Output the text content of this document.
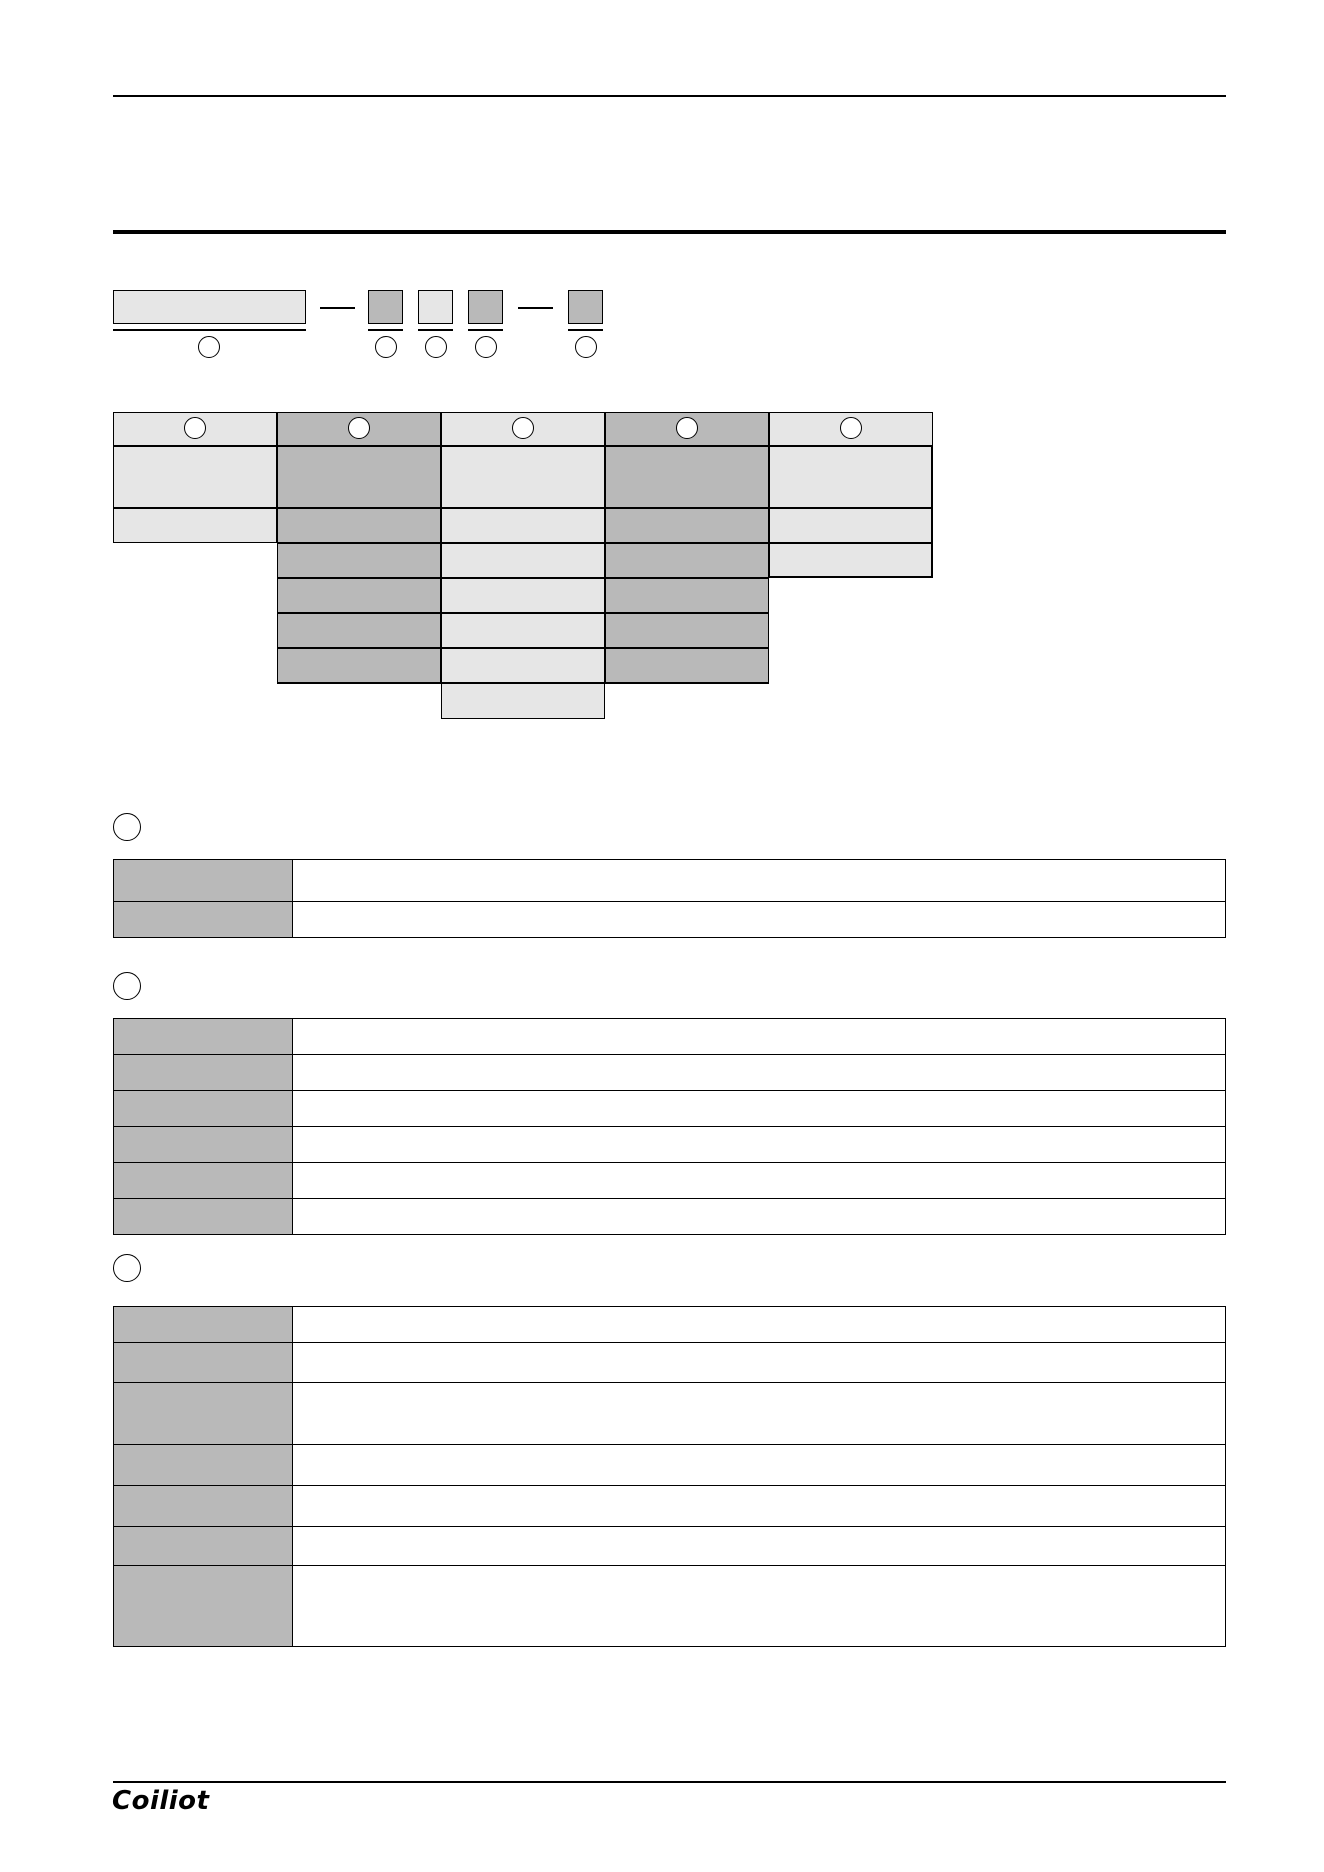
Coiliot
